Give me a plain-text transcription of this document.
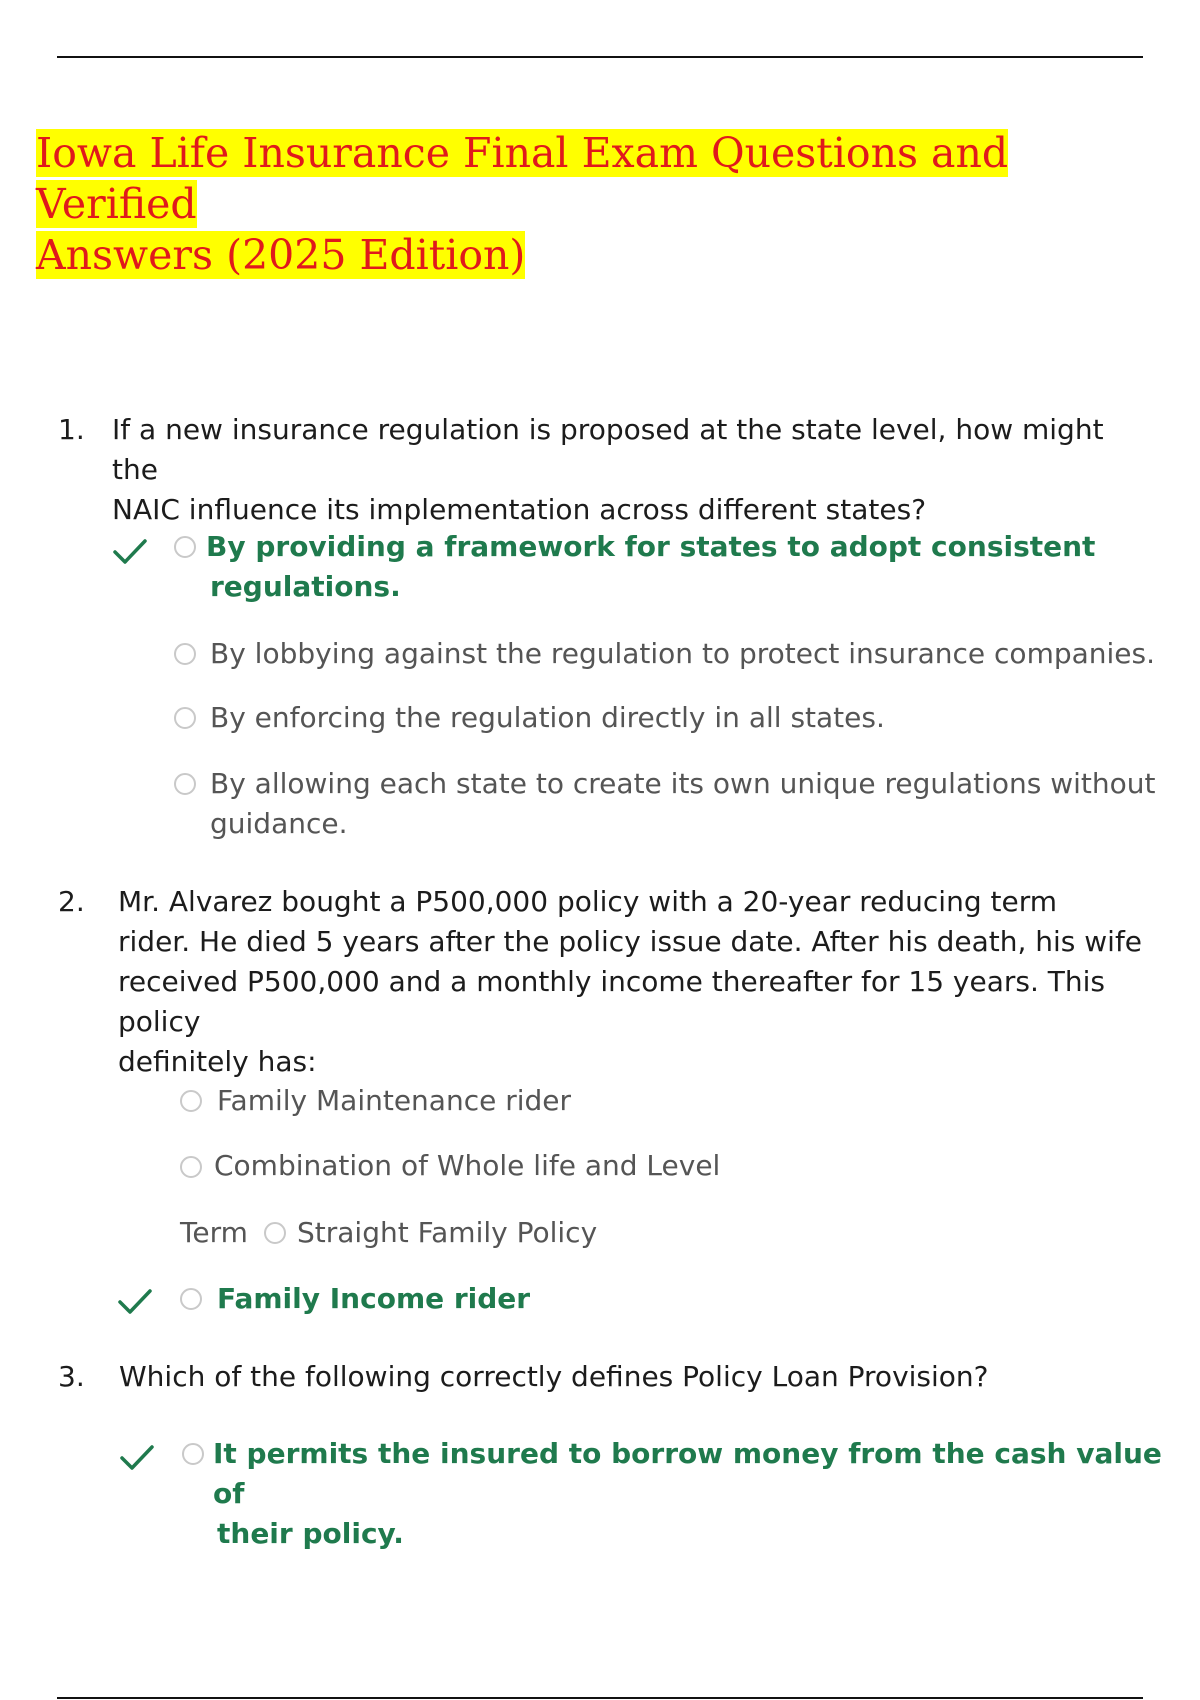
Iowa Life Insurance Final Exam Questions and Verified
Answers (2025 Edition)
1. If a new insurance regulation is proposed at the state level, how might the
NAIC influence its implementation across different states?
By providing a framework for states to adopt consistent
regulations.
By lobbying against the regulation to protect insurance companies.
By enforcing the regulation directly in all states.
By allowing each state to create its own unique regulations without
guidance.
2. Mr. Alvarez bought a P500,000 policy with a 20-year reducing term
rider. He died 5 years after the policy issue date. After his death, his wife
received P500,000 and a monthly income thereafter for 15 years. This policy
definitely has:
Family Maintenance rider
Combination of Whole life and Level
Term Straight Family Policy
Family Income rider
3. Which of the following correctly defines Policy Loan Provision?
It permits the insured to borrow money from the cash value of
their policy.
